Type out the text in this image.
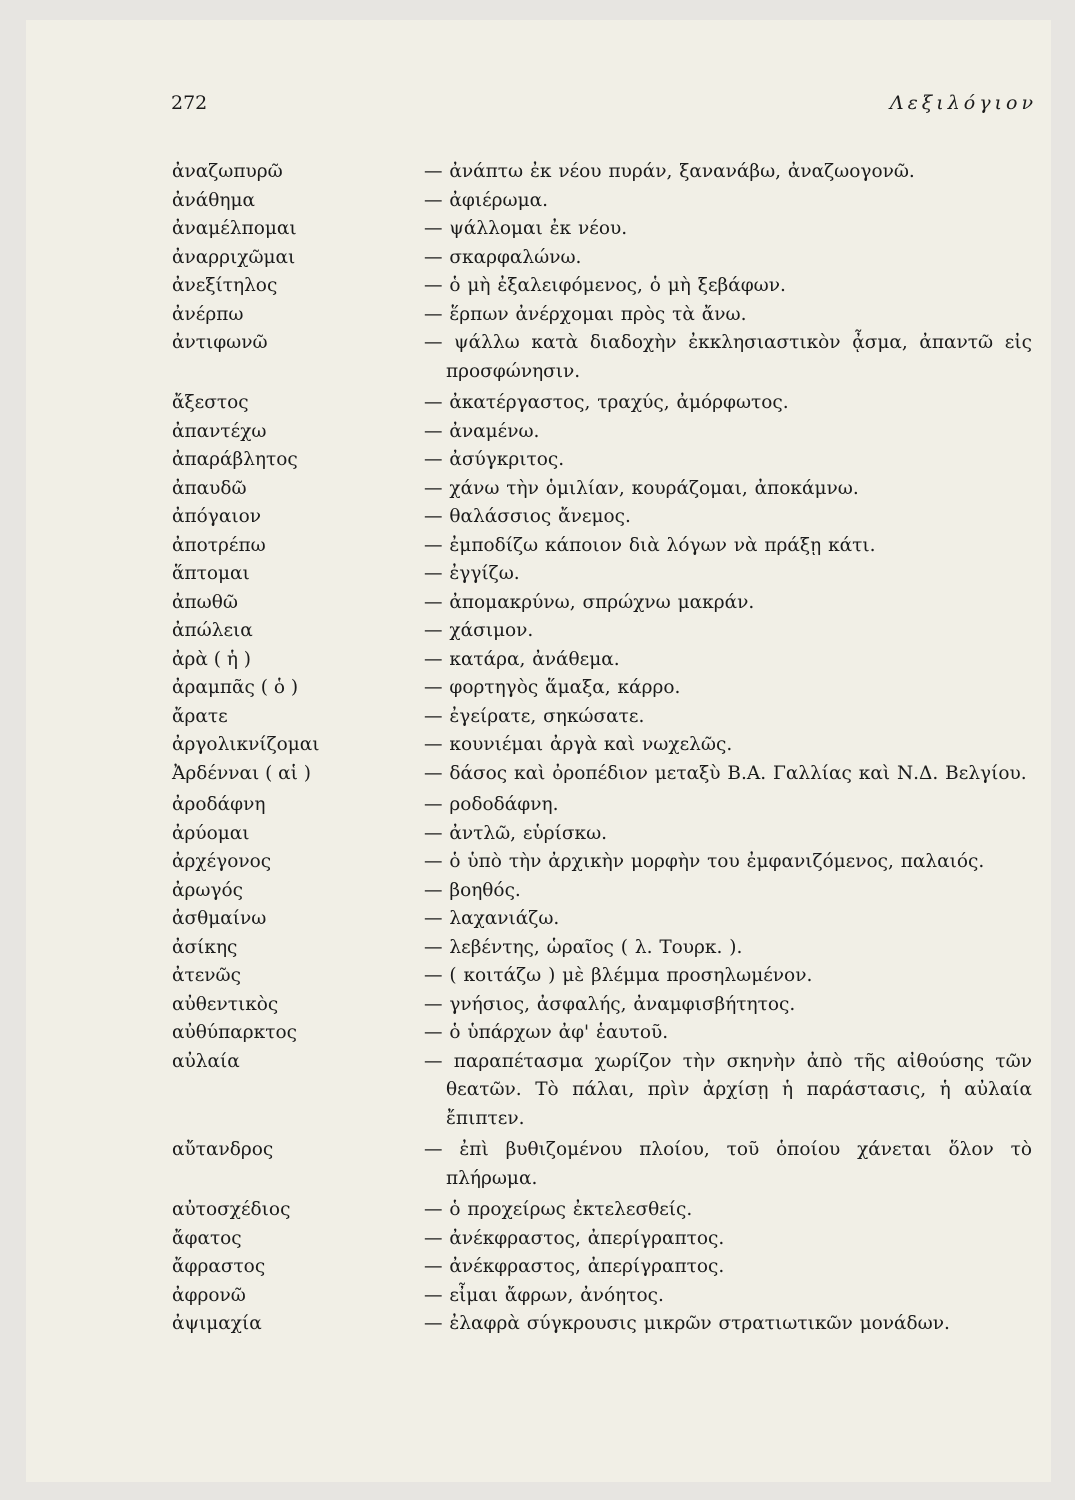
272	Λεξιλόγιον
ἀναζωπυρῶ	— ἀνάπτω ἐκ νέου πυράν, ξανανάβω, ἀναζωογονῶ.
ἀνάθημα	— ἀφιέρωμα.
ἀναμέλπομαι	— ψάλλομαι ἐκ νέου.
ἀναρριχῶμαι	— σκαρφαλώνω.
ἀνεξίτηλος	— ὁ μὴ ἐξαλειφόμενος, ὁ μὴ ξεβάφων.
ἀνέρπω	— ἕρπων ἀνέρχομαι πρὸς τὰ ἄνω.
ἀντιφωνῶ	— ψάλλω κατὰ διαδοχὴν ἐκκλησιαστικὸν ᾆσμα, ἀπαντῶ εἰς προσφώνησιν.
ἄξεστος	— ἀκατέργαστος, τραχύς, ἀμόρφωτος.
ἀπαντέχω	— ἀναμένω.
ἀπαράβλητος	— ἀσύγκριτος.
ἀπαυδῶ	— χάνω τὴν ὁμιλίαν, κουράζομαι, ἀποκάμνω.
ἀπόγαιον	— θαλάσσιος ἄνεμος.
ἀποτρέπω	— ἐμποδίζω κάποιον διὰ λόγων νὰ πράξῃ κάτι.
ἅπτομαι	— ἐγγίζω.
ἀπωθῶ	— ἀπομακρύνω, σπρώχνω μακράν.
ἀπώλεια	— χάσιμον.
ἀρὰ ( ἡ )	— κατάρα, ἀνάθεμα.
ἀραμπᾶς ( ὁ )	— φορτηγὸς ἅμαξα, κάρρο.
ἄρατε	— ἐγείρατε, σηκώσατε.
ἀργολικνίζομαι	— κουνιέμαι ἀργὰ καὶ νωχελῶς.
Ἀρδένναι ( αἱ )	— δάσος καὶ ὀροπέδιον μεταξὺ Β.Α. Γαλλίας καὶ Ν.Δ. Βελγίου.
ἀροδάφνη	— ροδοδάφνη.
ἀρύομαι	— ἀντλῶ, εὑρίσκω.
ἀρχέγονος	— ὁ ὑπὸ τὴν ἀρχικὴν μορφὴν του ἐμφανιζόμενος, παλαιός.
ἀρωγός	— βοηθός.
ἀσθμαίνω	— λαχανιάζω.
ἀσίκης	— λεβέντης, ὡραῖος ( λ. Τουρκ. ).
ἀτενῶς	— ( κοιτάζω ) μὲ βλέμμα προσηλωμένον.
αὐθεντικὸς	— γνήσιος, ἀσφαλής, ἀναμφισβήτητος.
αὐθύπαρκτος	— ὁ ὑπάρχων ἀφ' ἑαυτοῦ.
αὐλαία	— παραπέτασμα χωρίζον τὴν σκηνὴν ἀπὸ τῆς αἰθούσης τῶν θεατῶν. Τὸ πάλαι, πρὶν ἀρχίσῃ ἡ παράστασις, ἡ αὐλαία ἔπιπτεν.
αὔτανδρος	— ἐπὶ βυθιζομένου πλοίου, τοῦ ὁποίου χάνεται ὅλον τὸ πλήρωμα.
αὐτοσχέδιος	— ὁ προχείρως ἐκτελεσθείς.
ἄφατος	— ἀνέκφραστος, ἀπερίγραπτος.
ἄφραστος	— ἀνέκφραστος, ἀπερίγραπτος.
ἀφρονῶ	— εἶμαι ἄφρων, ἀνόητος.
ἀψιμαχία	— ἐλαφρὰ σύγκρουσις μικρῶν στρατιωτικῶν μονάδων.
